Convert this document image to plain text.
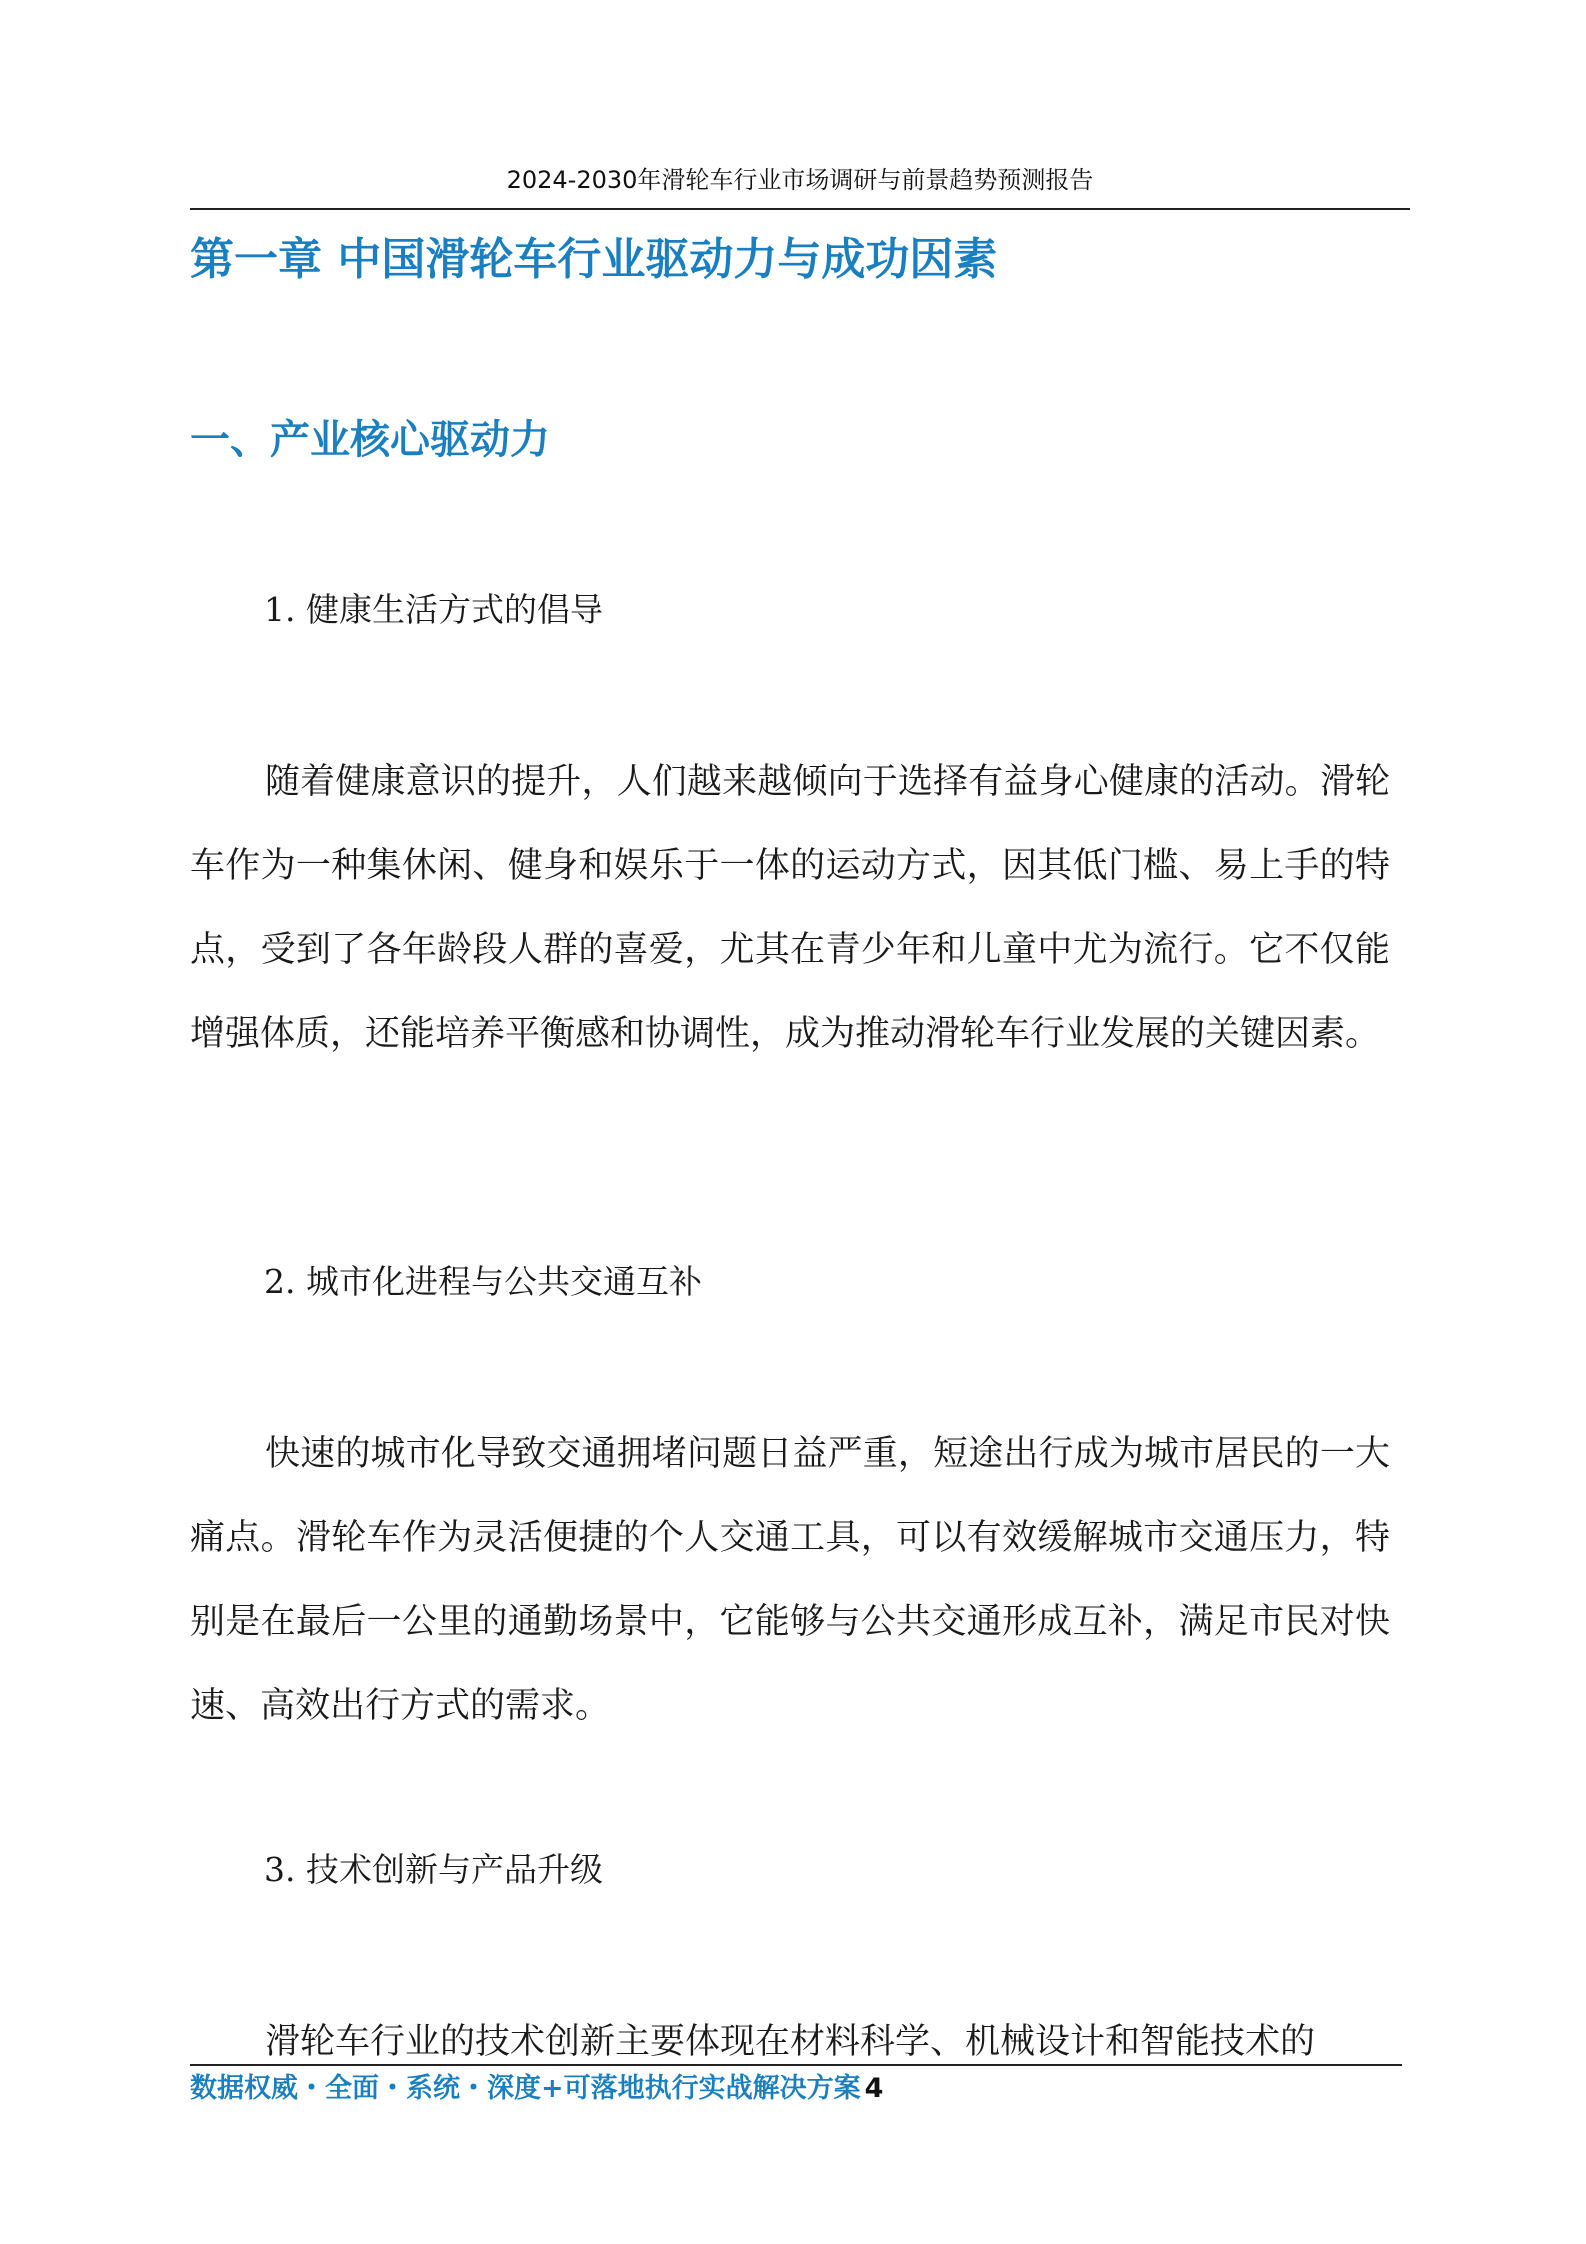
2024-2030年滑轮车行业市场调研与前景趋势预测报告
第一章 中国滑轮车行业驱动力与成功因素
一、产业核心驱动力
1. 健康生活方式的倡导

随着健康意识的提升，人们越来越倾向于选择有益身心健康的活动。滑轮车作为一种集休闲、健身和娱乐于一体的运动方式，因其低门槛、易上手的特点，受到了各年龄段人群的喜爱，尤其在青少年和儿童中尤为流行。它不仅能增强体质，还能培养平衡感和协调性，成为推动滑轮车行业发展的关键因素。

2. 城市化进程与公共交通互补

快速的城市化导致交通拥堵问题日益严重，短途出行成为城市居民的一大痛点。滑轮车作为灵活便捷的个人交通工具，可以有效缓解城市交通压力，特别是在最后一公里的通勤场景中，它能够与公共交通形成互补，满足市民对快速、高效出行方式的需求。

3. 技术创新与产品升级

滑轮车行业的技术创新主要体现在材料科学、机械设计和智能技术的

数据权威・全面・系统・深度+可落地执行实战解决方案 4
